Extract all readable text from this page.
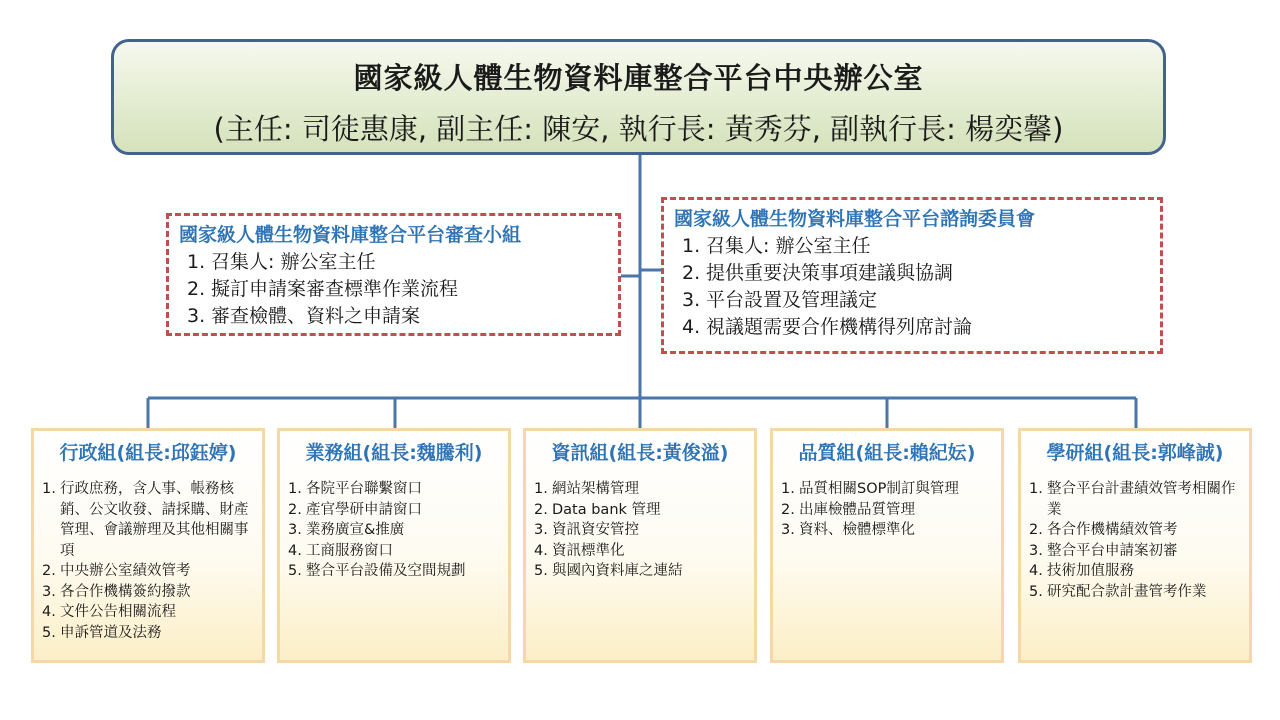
國家級人體生物資料庫整合平台中央辦公室
(主任: 司徒惠康, 副主任: 陳安, 執行長: 黃秀芬, 副執行長: 楊奕馨)
國家級人體生物資料庫整合平台審查小組
1. 召集人: 辦公室主任
2. 擬訂申請案審查標準作業流程
3. 審查檢體、資料之申請案
國家級人體生物資料庫整合平台諮詢委員會
1. 召集人: 辦公室主任
2. 提供重要決策事項建議與協調
3. 平台設置及管理議定
4. 視議題需要合作機構得列席討論
行政組(組長:邱鈺婷)
1. 行政庶務，含人事、帳務核銷、公文收發、請採購、財產管理、會議辦理及其他相關事項
2. 中央辦公室績效管考
3. 各合作機構簽約撥款
4. 文件公告相關流程
5. 申訴管道及法務
業務組(組長:魏騰利)
1. 各院平台聯繫窗口
2. 產官學研申請窗口
3. 業務廣宣&推廣
4. 工商服務窗口
5. 整合平台設備及空間規劃
資訊組(組長:黃俊溢)
1. 網站架構管理
2. Data bank 管理
3. 資訊資安管控
4. 資訊標準化
5. 與國內資料庫之連結
品質組(組長:賴紀妘)
1. 品質相關SOP制訂與管理
2. 出庫檢體品質管理
3. 資料、檢體標準化
學研組(組長:郭峰誠)
1. 整合平台計畫績效管考相關作業
2. 各合作機構績效管考
3. 整合平台申請案初審
4. 技術加值服務
5. 研究配合款計畫管考作業
